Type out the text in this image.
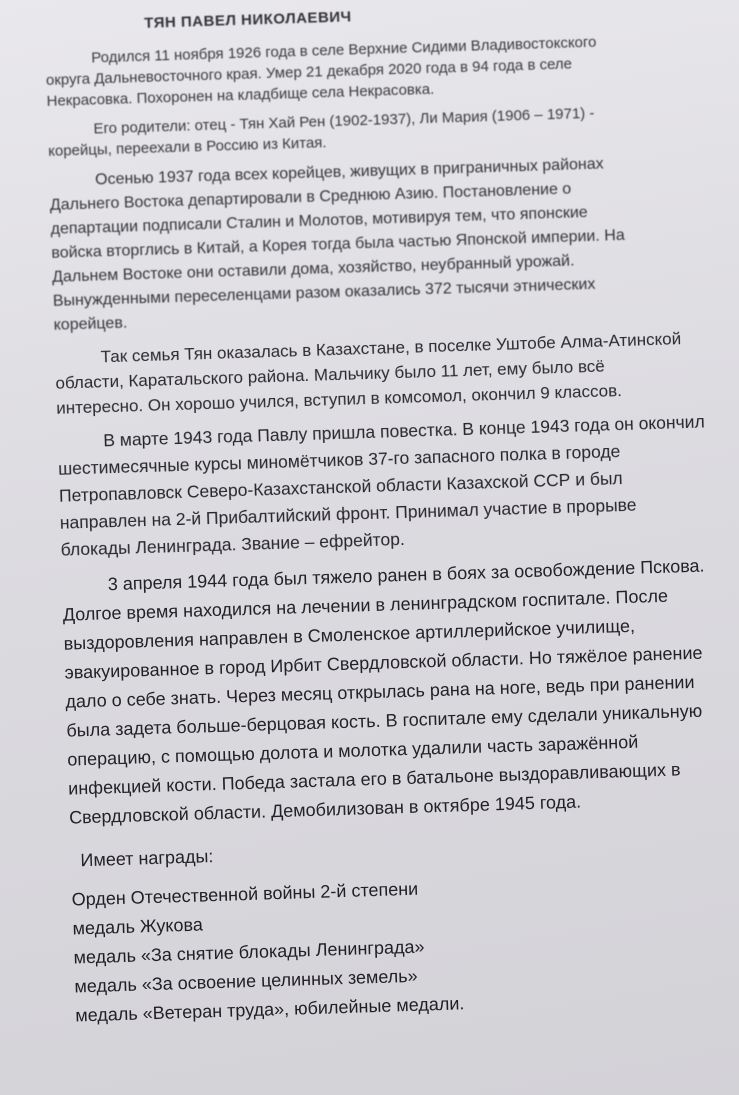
ТЯН ПАВЕЛ НИКОЛАЕВИЧ

Родился 11 ноября 1926 года в селе Верхние Сидими Владивостокского
округа Дальневосточного края. Умер 21 декабря 2020 года в 94 года в селе
Некрасовка. Похоронен на кладбище села Некрасовка.

Его родители: отец - Тян Хай Рен (1902-1937), Ли Мария (1906 – 1971) -
корейцы, переехали в Россию из Китая.

Осенью 1937 года всех корейцев, живущих в приграничных районах
Дальнего Востока департировали в Среднюю Азию. Постановление о
департации подписали Сталин и Молотов, мотивируя тем, что японские
войска вторглись в Китай, а Корея тогда была частью Японской империи. На
Дальнем Востоке они оставили дома, хозяйство, неубранный урожай.
Вынужденными переселенцами разом оказались 372 тысячи этнических
корейцев.

Так семья Тян оказалась в Казахстане, в поселке Уштобе Алма-Атинской
области, Каратальского района. Мальчику было 11 лет, ему было всё
интересно. Он хорошо учился, вступил в комсомол, окончил 9 классов.

В марте 1943 года Павлу пришла повестка. В конце 1943 года он окончил
шестимесячные курсы миномётчиков 37-го запасного полка в городе
Петропавловск Северо-Казахстанской области Казахской ССР и был
направлен на 2-й Прибалтийский фронт. Принимал участие в прорыве
блокады Ленинграда. Звание – ефрейтор.

3 апреля 1944 года был тяжело ранен в боях за освобождение Пскова.
Долгое время находился на лечении в ленинградском госпитале. После
выздоровления направлен в Смоленское артиллерийское училище,
эвакуированное в город Ирбит Свердловской области. Но тяжёлое ранение
дало о себе знать. Через месяц открылась рана на ноге, ведь при ранении
была задета больше-берцовая кость. В госпитале ему сделали уникальную
операцию, с помощью долота и молотка удалили часть заражённой
инфекцией кости. Победа застала его в батальоне выздоравливающих в
Свердловской области. Демобилизован в октябре 1945 года.

Имеет награды:
Орден Отечественной войны 2-й степени
медаль Жукова
медаль «За снятие блокады Ленинграда»
медаль «За освоение целинных земель»
медаль «Ветеран труда», юбилейные медали.
